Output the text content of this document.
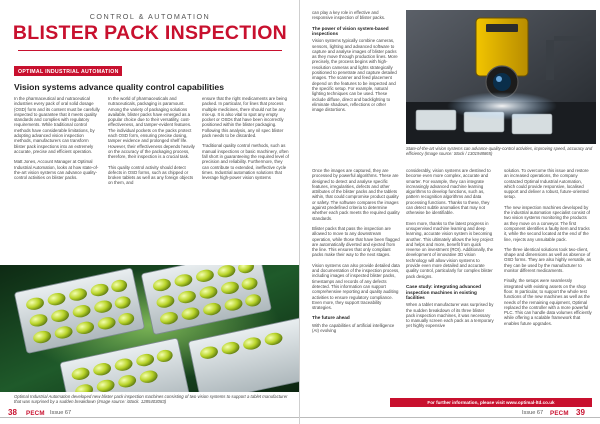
CONTROL & AUTOMATION
BLISTER PACK INSPECTION
OPTIMAL INDUSTRIAL AUTOMATION
Vision systems advance quality control capabilities

In the pharmaceutical and nutraceutical industries every pack of oral solid dosage (OSD) form and its content must be carefully inspected to guarantee that it meets quality standards and complies with regulatory requirements. While traditional control methods have considerable limitations, by adopting advanced vision inspection methods, manufacturers can transform blister pack inspections into an extremely accurate, precise and efficient operation.

Matt Jones, Account Manager at Optimal Industrial Automation, looks at how state-of-the-art vision systems can advance quality-control activities on blister packs.

In the world of pharmaceuticals and nutraceuticals, packaging is paramount. Among the variety of packaging solutions available, blister packs have emerged as a popular choice due to their versatility, cost-effectiveness, and tamper-evident features. The individual pockets on the packs protect each OSD form, ensuring precise dosing, tamper evidence and prolonged shelf life. However, their effectiveness depends heavily on the accuracy of the packaging process, therefore, their inspection is a crucial task.

This quality control activity should detect defects in OSD forms, such as chipped or broken tablets as well as any foreign objects on them, and

ensure that the right medicaments are being packed. In particular, for lines that process multiple medicines, there should not be any mix-up. It is also vital to spot any empty pocket or OSDs that have been incorrectly positioned within the blister packaging. Following this analysis, any nil spec blister pack needs to be discarded.

Traditional quality control methods, such as manual inspections or basic machinery, often fall short in guaranteeing the required level of precision and reliability. Furthermore, they can contribute to extended, ineffective cycle times. Industrial automation solutions that leverage high-power vision systems

Optimal Industrial Automation developed new blister pack inspection machines consisting of two vision systems to support a tablet manufacturer that was surprised by a sudden breakdown (Image source: iStock. 1285403083)
38 PECM Issue 67

can play a key role in effective and responsive inspection of blister packs.

The power of vision system-based inspections

Vision systems typically combine cameras, sensors, lighting and advanced software to capture and analyse images of blister packs as they move through production lines. More precisely, the process begins with high-resolution cameras and lights strategically positioned to penetrate and capture detailed images. The scanner and feed placement depend on the features to be inspected and the specific setup. For example, natural lighting techniques can be used. These include diffuse, direct and backlighting to eliminate shadows, reflections or other image distortions.

State-of-the-art vision systems can advance quality-control activities, improving speed, accuracy and efficiency (Image source: Stock / 1301948865)

Once the images are captured, they are processed by powerful algorithms. These are designed to detect and analyse specific features, irregularities, defects and other attributes of the blister packs and the tablets within, that could compromise product quality or safety. The software compares the images against predefined criteria to determine whether each pack meets the required quality standards.

Blister packs that pass the inspection are allowed to move to any downstream operation, while those that have been flagged are automatically diverted and ejected from the line. This ensures that only compliant packs make their way to the next stages.

Vision systems can also provide detailed data and documentation of the inspection process, including images of inspected blister packs, timestamps and records of any defects detected. This information can support comprehensive reporting and quality auditing activities to ensure regulatory compliance. Even more, they support traceability strategies.

The future ahead

With the capabilities of artificial intelligence (AI) evolving

considerably, vision systems are destined to become even more complex, accurate and smarter. For example, they can integrate increasingly advanced machine learning algorithms to develop functions, such as, pattern recognition algorithms and data processing functions. Thanks to these, they can detect subtle anomalies that may not otherwise be identifiable.

Even more, thanks to the latest progress in unsupervised machine learning and deep learning, accurate vision system is becoming another. This ultimately allows the key project and helps and more, benefit from quick reverse on investment (ROI). Additionally, the development of innovative 3D vision technology will allow vision systems to provide even more detailed and accurate quality control, particularly for complex blister pack designs.

Case study: integrating advanced inspection machines in existing facilities

When a tablet manufacturer was surprised by the sudden breakdown of its three blister pack inspection machines, it was necessary to manually screen each pack as a temporary yet highly expensive

solution. To overcome this issue and restore an increased operations, the company contacted Optimal Industrial Automation, which could provide responsive, localised support and deliver a robust, future-oriented setup.

The new inspection machines developed by the industrial automation specialist consist of two vision systems monitoring the products as they move on a conveyor. The first component identifies a faulty item and tracks it, while the second located at the end of the line, rejects any unsuitable pack.

The three identical solutions took two-client, shape and dimensions as well as absence of OSD forms. They are also highly versatile, as they can be used by the manufacturer to monitor different medicaments.

Finally, the setups were seamlessly integrated with existing assets on the shop floor. In particular, to support the whole test functions of the new machines as well as the needs of the remaining equipment, Optimal replaced the controller with a more powerful PLC. This can handle data volumes efficiently while offering a scalable framework that enables future upgrades.

For further information, please visit www.optimal-ltd.co.uk
Issue 67 PECM 39
